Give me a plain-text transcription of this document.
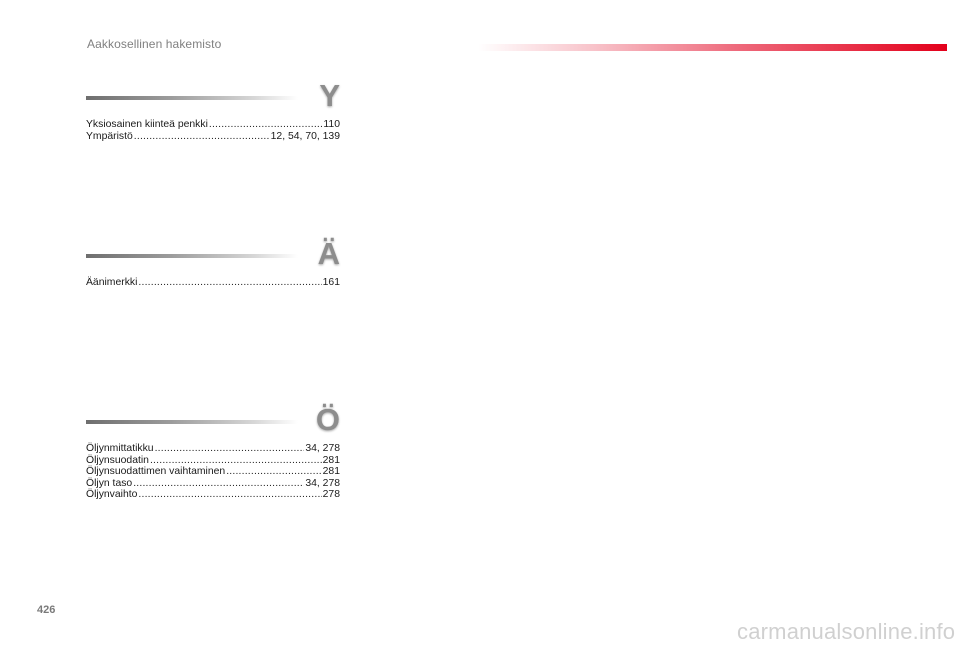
Aakkosellinen hakemisto
Y
Yksiosainen kiinteä penkki .....	110
Ympäristö .....	12, 54, 70, 139
Ä
Äänimerkki .....	161
Ö
Öljynmittatikku .....	34, 278
Öljynsuodatin .....	281
Öljynsuodattimen vaihtaminen .....	281
Öljyn taso .....	34, 278
Öljynvaihto .....	278
426
carmanualsonline.info
